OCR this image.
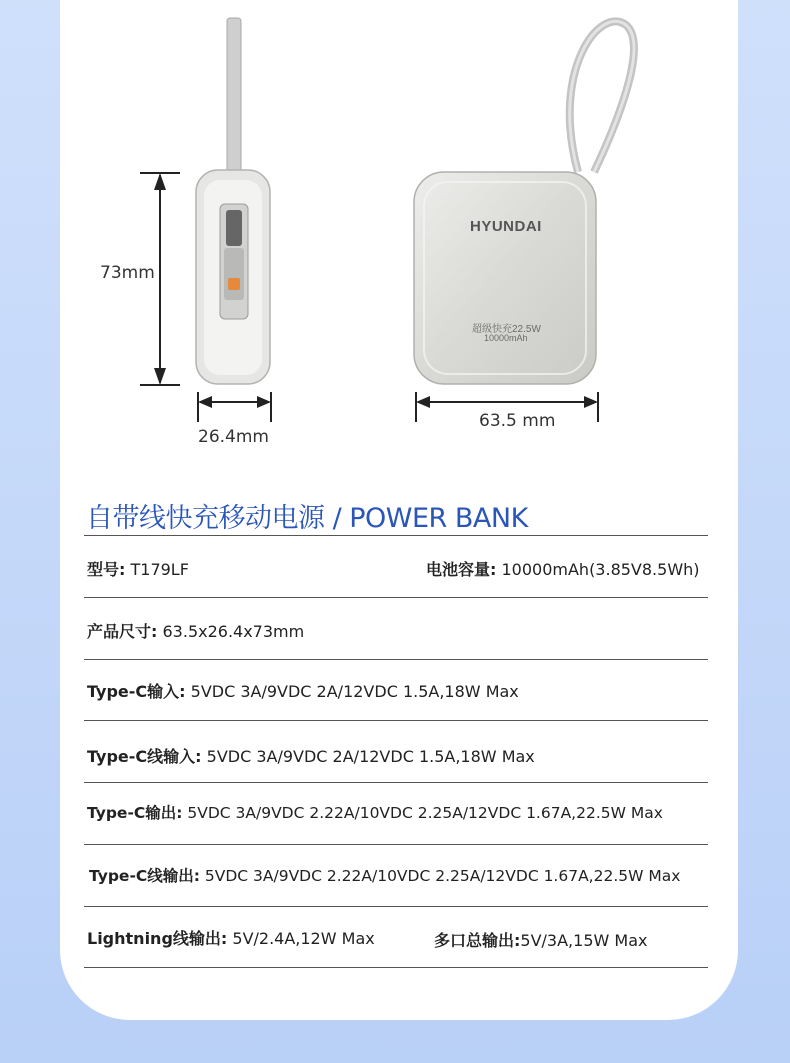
73mm
26.4mm
HYUNDAI
超级快充22.5W
10000mAh
63.5 mm
自带线快充移动电源 / POWER BANK
型号: T179LF	电池容量: 10000mAh(3.85V8.5Wh)
产品尺寸: 63.5x26.4x73mm
Type-C输入: 5VDC 3A/9VDC 2A/12VDC 1.5A,18W Max
Type-C线输入: 5VDC 3A/9VDC 2A/12VDC 1.5A,18W Max
Type-C输出: 5VDC 3A/9VDC 2.22A/10VDC 2.25A/12VDC 1.67A,22.5W Max
Type-C线输出: 5VDC 3A/9VDC 2.22A/10VDC 2.25A/12VDC 1.67A,22.5W Max
Lightning线输出: 5V/2.4A,12W Max	多口总输出:5V/3A,15W Max
